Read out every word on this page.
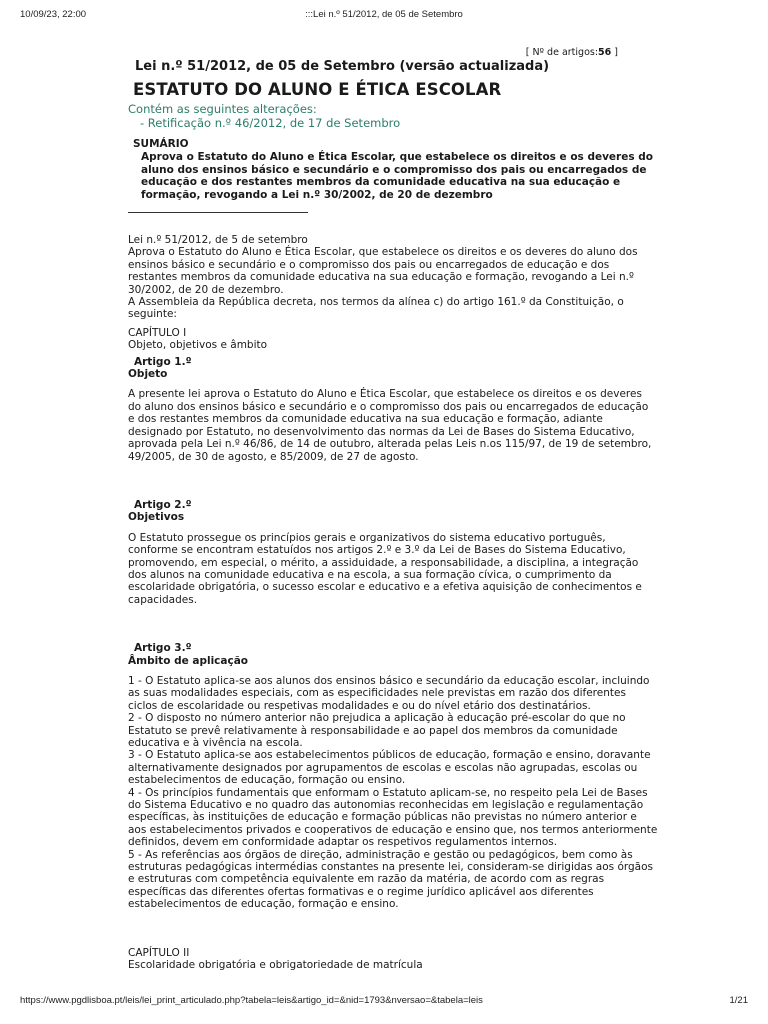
10/09/23, 22:00	:::Lei n.º 51/2012, de 05 de Setembro
[ Nº de artigos:56 ]
Lei n.º 51/2012, de 05 de Setembro (versão actualizada)
ESTATUTO DO ALUNO E ÉTICA ESCOLAR
Contém as seguintes alterações:
- Retificação n.º 46/2012, de 17 de Setembro
SUMÁRIO
Aprova o Estatuto do Aluno e Ética Escolar, que estabelece os direitos e os deveres do aluno dos ensinos básico e secundário e o compromisso dos pais ou encarregados de educação e dos restantes membros da comunidade educativa na sua educação e formação, revogando a Lei n.º 30/2002, de 20 de dezembro

Lei n.º 51/2012, de 5 de setembro

Aprova o Estatuto do Aluno e Ética Escolar, que estabelece os direitos e os deveres do aluno dos ensinos básico e secundário e o compromisso dos pais ou encarregados de educação e dos restantes membros da comunidade educativa na sua educação e formação, revogando a Lei n.º 30/2002, de 20 de dezembro.

A Assembleia da República decreta, nos termos da alínea c) do artigo 161.º da Constituição, o seguinte:

CAPÍTULO I

Objeto, objetivos e âmbito

Artigo 1.º

Objeto

A presente lei aprova o Estatuto do Aluno e Ética Escolar, que estabelece os direitos e os deveres do aluno dos ensinos básico e secundário e o compromisso dos pais ou encarregados de educação e dos restantes membros da comunidade educativa na sua educação e formação, adiante designado por Estatuto, no desenvolvimento das normas da Lei de Bases do Sistema Educativo, aprovada pela Lei n.º 46/86, de 14 de outubro, alterada pelas Leis n.os 115/97, de 19 de setembro, 49/2005, de 30 de agosto, e 85/2009, de 27 de agosto.

Artigo 2.º

Objetivos

O Estatuto prossegue os princípios gerais e organizativos do sistema educativo português, conforme se encontram estatuídos nos artigos 2.º e 3.º da Lei de Bases do Sistema Educativo, promovendo, em especial, o mérito, a assiduidade, a responsabilidade, a disciplina, a integração dos alunos na comunidade educativa e na escola, a sua formação cívica, o cumprimento da escolaridade obrigatória, o sucesso escolar e educativo e a efetiva aquisição de conhecimentos e capacidades.

Artigo 3.º

Âmbito de aplicação

1 - O Estatuto aplica-se aos alunos dos ensinos básico e secundário da educação escolar, incluindo as suas modalidades especiais, com as especificidades nele previstas em razão dos diferentes ciclos de escolaridade ou respetivas modalidades e ou do nível etário dos destinatários.

2 - O disposto no número anterior não prejudica a aplicação à educação pré-escolar do que no Estatuto se prevê relativamente à responsabilidade e ao papel dos membros da comunidade educativa e à vivência na escola.

3 - O Estatuto aplica-se aos estabelecimentos públicos de educação, formação e ensino, doravante alternativamente designados por agrupamentos de escolas e escolas não agrupadas, escolas ou estabelecimentos de educação, formação ou ensino.

4 - Os princípios fundamentais que enformam o Estatuto aplicam-se, no respeito pela Lei de Bases do Sistema Educativo e no quadro das autonomias reconhecidas em legislação e regulamentação específicas, às instituições de educação e formação públicas não previstas no número anterior e aos estabelecimentos privados e cooperativos de educação e ensino que, nos termos anteriormente definidos, devem em conformidade adaptar os respetivos regulamentos internos.

5 - As referências aos órgãos de direção, administração e gestão ou pedagógicos, bem como às estruturas pedagógicas intermédias constantes na presente lei, consideram-se dirigidas aos órgãos e estruturas com competência equivalente em razão da matéria, de acordo com as regras específicas das diferentes ofertas formativas e o regime jurídico aplicável aos diferentes estabelecimentos de educação, formação e ensino.

CAPÍTULO II

Escolaridade obrigatória e obrigatoriedade de matrícula

https://www.pgdlisboa.pt/leis/lei_print_articulado.php?tabela=leis&artigo_id=&nid=1793&nversao=&tabela=leis	1/21
